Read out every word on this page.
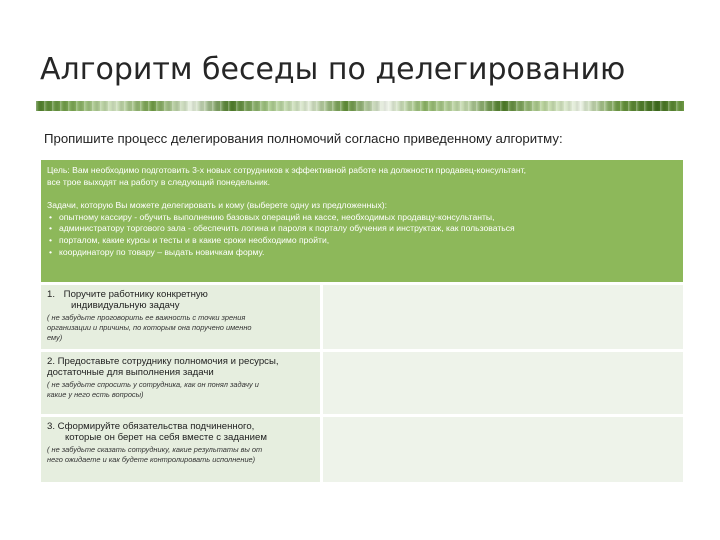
Алгоритм беседы по делегированию
Пропишите процесс делегирования полномочий согласно приведенному алгоритму:
Цель: Вам необходимо подготовить 3-х новых сотрудников к эффективной работе на должности продавец-консультант,
все трое выходят на работу в следующий понедельник.
Задачи, которую Вы можете делегировать и кому (выберете одну из предложенных):
• опытному кассиру - обучить выполнению базовых операций на кассе, необходимых продавцу-консультанты,
• администратору торгового зала - обеспечить логина и пароля к порталу обучения и инструктаж, как пользоваться
• порталом, какие курсы и тесты и в какие сроки необходимо пройти,
• координатору по товару – выдать новичкам форму.
1. Поручите работнику конкретную
индивидуальную задачу
( не забудьте проговорить ее важность с точки зрения
организации и причины, по которым она поручено именно
ему)
2. Предоставьте сотруднику полномочия и ресурсы,
достаточные для выполнения задачи
( не забудьте спросить у сотрудника, как он понял задачу и
какие у него есть вопросы)
3. Сформируйте обязательства подчиненного,
которые он берет на себя вместе с заданием
( не забудьте сказать сотруднику, какие результаты вы от
него ожидаете и как будете контролировать исполнение)
